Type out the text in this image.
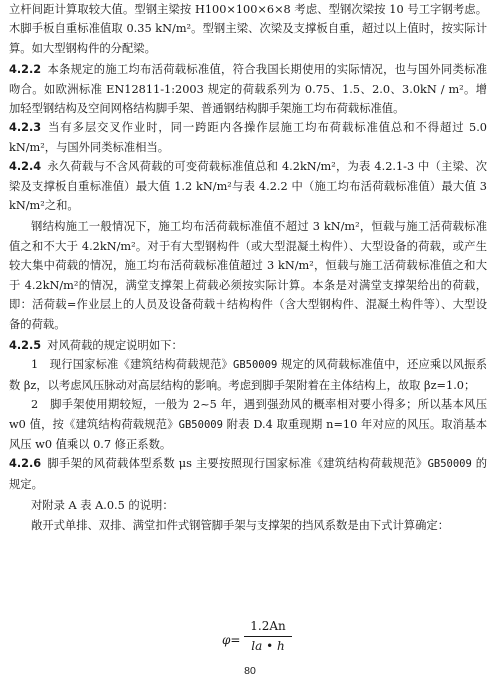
立杆间距计算取较大值。型钢主梁按 H100×100×6×8 考虑、型钢次梁按 10 号工字钢考虑。木脚手板自重标准值取 0.35 kN/m²。型钢主梁、次梁及支撑板自重，超过以上值时，按实际计算。如大型钢构件的分配梁。

4.2.2 本条规定的施工均布活荷载标准值，符合我国长期使用的实际情况，也与国外同类标准吻合。如欧洲标准 EN12811-1:2003 规定的荷载系列为 0.75、1.5、2.0、3.0kN / m²。增加轻型钢结构及空间网格结构脚手架、普通钢结构脚手架施工均布荷载标准值。

4.2.3 当有多层交叉作业时，同一跨距内各操作层施工均布荷载标准值总和不得超过 5.0 kN/m²，与国外同类标准相当。

4.2.4 永久荷载与不含风荷载的可变荷载标准值总和 4.2kN/m²，为表 4.2.1-3 中（主梁、次梁及支撑板自重标准值）最大值 1.2 kN/m²与表 4.2.2 中（施工均布活荷载标准值）最大值 3 kN/m²之和。

钢结构施工一般情况下，施工均布活荷载标准值不超过 3 kN/m²，恒载与施工活荷载标准值之和不大于 4.2kN/m²。对于有大型钢构件（或大型混凝土构件）、大型设备的荷载，或产生较大集中荷载的情况，施工均布活荷载标准值超过 3 kN/m²，恒载与施工活荷载标准值之和大于 4.2kN/m²的情况，满堂支撑架上荷载必须按实际计算。本条是对满堂支撑架给出的荷载，即：活荷载=作业层上的人员及设备荷载＋结构构件（含大型钢构件、混凝土构件等）、大型设备的荷载。

4.2.5 对风荷载的规定说明如下：

1　现行国家标准《建筑结构荷载规范》GB50009 规定的风荷载标准值中，还应乘以风振系数 βz，以考虑风压脉动对高层结构的影响。考虑到脚手架附着在主体结构上，故取 βz=1.0；

2　脚手架使用期较短，一般为 2~5 年，遇到强劲风的概率相对要小得多；所以基本风压 w0 值，按《建筑结构荷载规范》GB50009 附表 D.4 取重现期 n=10 年对应的风压。取消基本风压 w0 值乘以 0.7 修正系数。

4.2.6 脚手架的风荷载体型系数 μs 主要按照现行国家标准《建筑结构荷载规范》GB50009 的规定。

对附录 A 表 A.0.5 的说明：

敞开式单排、双排、满堂扣件式钢管脚手架与支撑架的挡风系数是由下式计算确定：

φ=
1.2An
la • h
80
